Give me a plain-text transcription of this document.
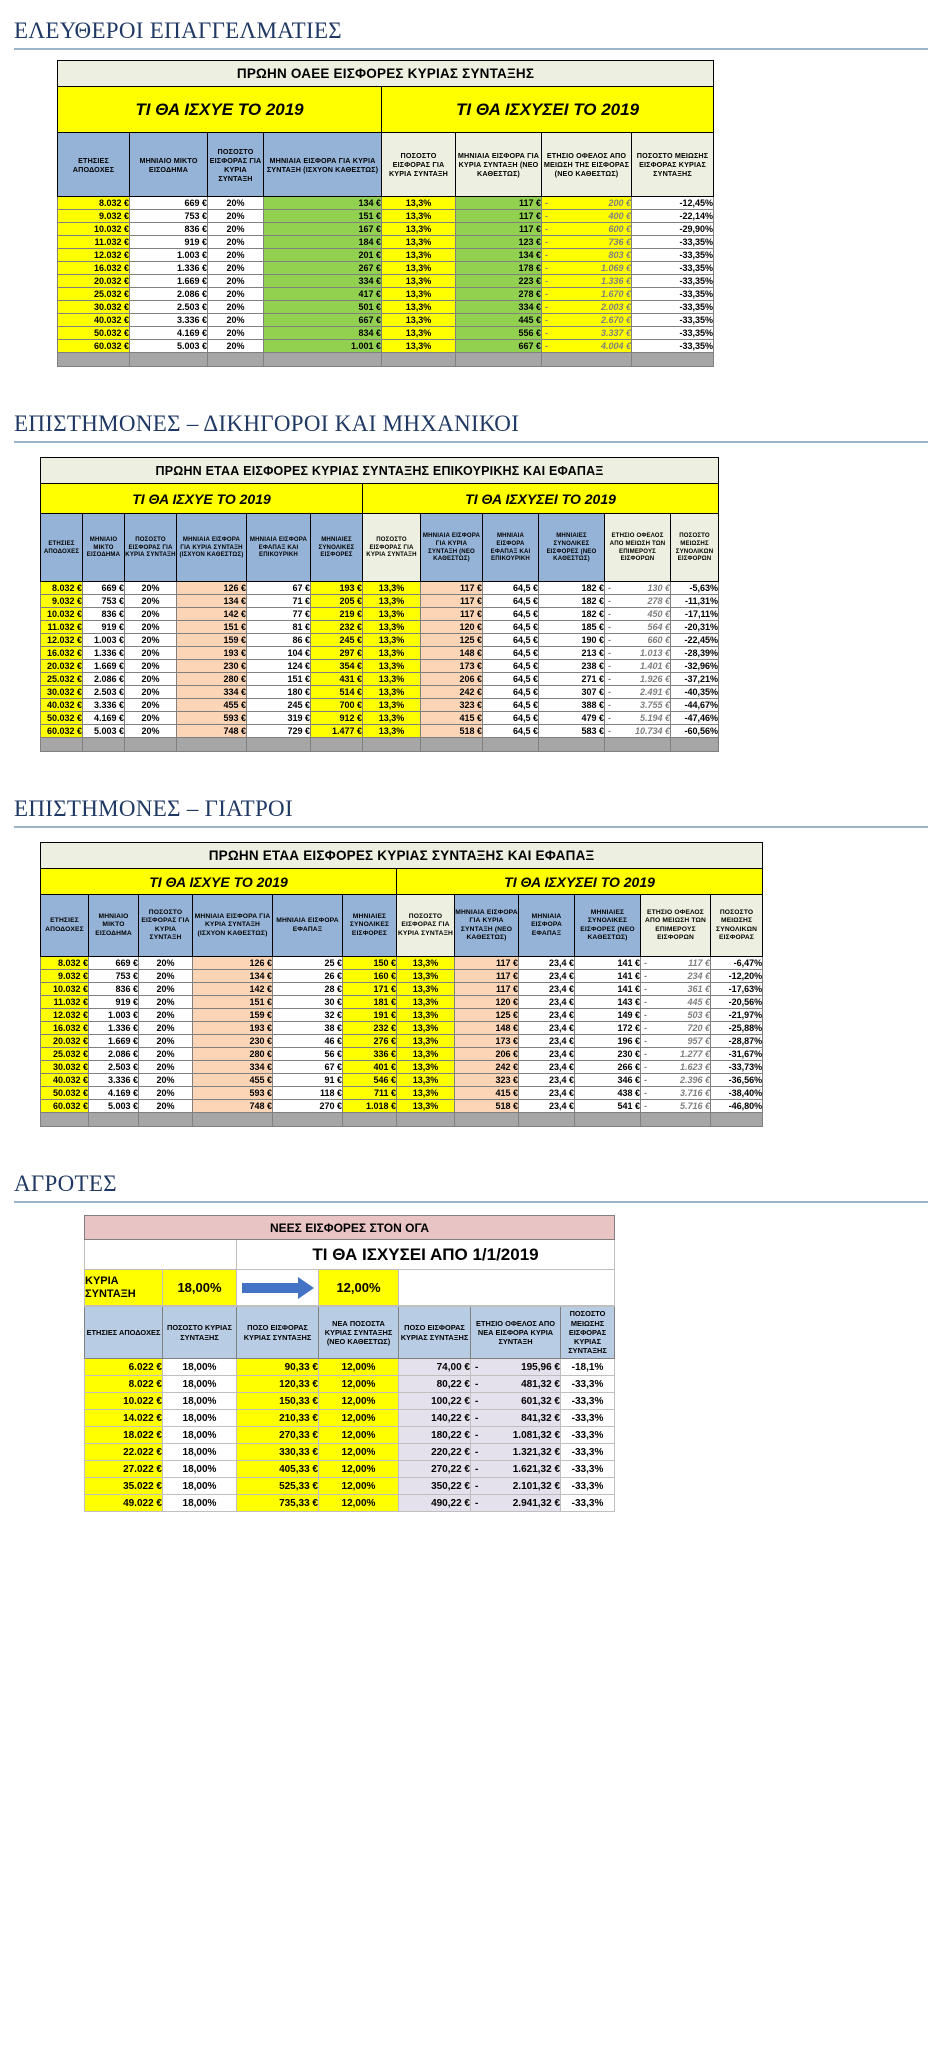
ΕΛΕΥΘΕΡΟΙ ΕΠΑΓΓΕΛΜΑΤΙΕΣ
ΠΡΩΗΝ ΟΑΕΕ ΕΙΣΦΟΡΕΣ ΚΥΡΙΑΣ ΣΥΝΤΑΞΗΣ							
ΤΙ ΘΑ ΙΣΧΥΕ ΤΟ 2019				ΤΙ ΘΑ ΙΣΧΥΣΕΙ ΤΟ 2019			
ΕΤΗΣΙΕΣ ΑΠΟΔΟΧΕΣ	ΜΗΝΙΑΙΟ ΜΙΚΤΟ ΕΙΣΟΔΗΜΑ	ΠΟΣΟΣΤΟ ΕΙΣΦΟΡΑΣ ΓΙΑ ΚΥΡΙΑ ΣΥΝΤΑΞΗ	ΜΗΝΙΑΙΑ ΕΙΣΦΟΡΑ ΓΙΑ ΚΥΡΙΑ ΣΥΝΤΑΞΗ (ΙΣΧΥΟΝ ΚΑΘΕΣΤΩΣ)	ΠΟΣΟΣΤΟ ΕΙΣΦΟΡΑΣ ΓΙΑ ΚΥΡΙΑ ΣΥΝΤΑΞΗ	ΜΗΝΙΑΙΑ ΕΙΣΦΟΡΑ ΓΙΑ ΚΥΡΙΑ ΣΥΝΤΑΞΗ (ΝΕΟ ΚΑΘΕΣΤΩΣ)	ΕΤΗΣΙΟ ΟΦΕΛΟΣ ΑΠΟ ΜΕΙΩΣΗ ΤΗΣ ΕΙΣΦΟΡΑΣ (ΝΕΟ ΚΑΘΕΣΤΩΣ)	ΠΟΣΟΣΤΟ ΜΕΙΩΣΗΣ ΕΙΣΦΟΡΑΣ ΚΥΡΙΑΣ ΣΥΝΤΑΞΗΣ
8.032 €	669 €	20%	134 €	13,3%	117 €	- 200 €	-12,45%
9.032 €	753 €	20%	151 €	13,3%	117 €	- 400 €	-22,14%
10.032 €	836 €	20%	167 €	13,3%	117 €	- 600 €	-29,90%
11.032 €	919 €	20%	184 €	13,3%	123 €	- 736 €	-33,35%
12.032 €	1.003 €	20%	201 €	13,3%	134 €	- 803 €	-33,35%
16.032 €	1.336 €	20%	267 €	13,3%	178 €	- 1.069 €	-33,35%
20.032 €	1.669 €	20%	334 €	13,3%	223 €	- 1.336 €	-33,35%
25.032 €	2.086 €	20%	417 €	13,3%	278 €	- 1.670 €	-33,35%
30.032 €	2.503 €	20%	501 €	13,3%	334 €	- 2.003 €	-33,35%
40.032 €	3.336 €	20%	667 €	13,3%	445 €	- 2.670 €	-33,35%
50.032 €	4.169 €	20%	834 €	13,3%	556 €	- 3.337 €	-33,35%
60.032 €	5.003 €	20%	1.001 €	13,3%	667 €	- 4.004 €	-33,35%

ΕΠΙΣΤΗΜΟΝΕΣ – ΔΙΚΗΓΟΡΟΙ ΚΑΙ ΜΗΧΑΝΙΚΟΙ
ΠΡΩΗΝ ΕΤΑΑ ΕΙΣΦΟΡΕΣ ΚΥΡΙΑΣ ΣΥΝΤΑΞΗΣ ΕΠΙΚΟΥΡΙΚΗΣ ΚΑΙ ΕΦΑΠΑΞ											
ΤΙ ΘΑ ΙΣΧΥΕ ΤΟ 2019						ΤΙ ΘΑ ΙΣΧΥΣΕΙ ΤΟ 2019					
ΕΤΗΣΙΕΣ ΑΠΟΔΟΧΕΣ	ΜΗΝΙΑΙΟ ΜΙΚΤΟ ΕΙΣΟΔΗΜΑ	ΠΟΣΟΣΤΟ ΕΙΣΦΟΡΑΣ ΓΙΑ ΚΥΡΙΑ ΣΥΝΤΑΞΗ	ΜΗΝΙΑΙΑ ΕΙΣΦΟΡΑ ΓΙΑ ΚΥΡΙΑ ΣΥΝΤΑΞΗ (ΙΣΧΥΟΝ ΚΑΘΕΣΤΩΣ)	ΜΗΝΙΑΙΑ ΕΙΣΦΟΡΑ ΕΦΑΠΑΞ ΚΑΙ ΕΠΙΚΟΥΡΙΚΗ	ΜΗΝΙΑΙΕΣ ΣΥΝΟΛΙΚΕΣ ΕΙΣΦΟΡΕΣ	ΠΟΣΟΣΤΟ ΕΙΣΦΟΡΑΣ ΓΙΑ ΚΥΡΙΑ ΣΥΝΤΑΞΗ	ΜΗΝΙΑΙΑ ΕΙΣΦΟΡΑ ΓΙΑ ΚΥΡΙΑ ΣΥΝΤΑΞΗ (ΝΕΟ ΚΑΘΕΣΤΩΣ)	ΜΗΝΙΑΙΑ ΕΙΣΦΟΡΑ ΕΦΑΠΑΞ ΚΑΙ ΕΠΙΚΟΥΡΙΚΗ	ΜΗΝΙΑΙΕΣ ΣΥΝΟΛΙΚΕΣ ΕΙΣΦΟΡΕΣ (ΝΕΟ ΚΑΘΕΣΤΩΣ)	ΕΤΗΣΙΟ ΟΦΕΛΟΣ ΑΠΟ ΜΕΙΩΣΗ ΤΩΝ ΕΠΙΜΕΡΟΥΣ ΕΙΣΦΟΡΩΝ	ΠΟΣΟΣΤΟ ΜΕΙΩΣΗΣ ΣΥΝΟΛΙΚΩΝ ΕΙΣΦΟΡΩΝ
8.032 €	669 €	20%	126 €	67 €	193 €	13,3%	117 €	64,5 €	182 €	- 130 €	-5,63%
9.032 €	753 €	20%	134 €	71 €	205 €	13,3%	117 €	64,5 €	182 €	- 278 €	-11,31%
10.032 €	836 €	20%	142 €	77 €	219 €	13,3%	117 €	64,5 €	182 €	- 450 €	-17,11%
11.032 €	919 €	20%	151 €	81 €	232 €	13,3%	120 €	64,5 €	185 €	- 564 €	-20,31%
12.032 €	1.003 €	20%	159 €	86 €	245 €	13,3%	125 €	64,5 €	190 €	- 660 €	-22,45%
16.032 €	1.336 €	20%	193 €	104 €	297 €	13,3%	148 €	64,5 €	213 €	- 1.013 €	-28,39%
20.032 €	1.669 €	20%	230 €	124 €	354 €	13,3%	173 €	64,5 €	238 €	- 1.401 €	-32,96%
25.032 €	2.086 €	20%	280 €	151 €	431 €	13,3%	206 €	64,5 €	271 €	- 1.926 €	-37,21%
30.032 €	2.503 €	20%	334 €	180 €	514 €	13,3%	242 €	64,5 €	307 €	- 2.491 €	-40,35%
40.032 €	3.336 €	20%	455 €	245 €	700 €	13,3%	323 €	64,5 €	388 €	- 3.755 €	-44,67%
50.032 €	4.169 €	20%	593 €	319 €	912 €	13,3%	415 €	64,5 €	479 €	- 5.194 €	-47,46%
60.032 €	5.003 €	20%	748 €	729 €	1.477 €	13,3%	518 €	64,5 €	583 €	- 10.734 €	-60,56%

ΕΠΙΣΤΗΜΟΝΕΣ – ΓΙΑΤΡΟΙ
ΠΡΩΗΝ ΕΤΑΑ ΕΙΣΦΟΡΕΣ ΚΥΡΙΑΣ ΣΥΝΤΑΞΗΣ ΚΑΙ ΕΦΑΠΑΞ											
ΤΙ ΘΑ ΙΣΧΥΕ ΤΟ 2019						ΤΙ ΘΑ ΙΣΧΥΣΕΙ ΤΟ 2019					
ΕΤΗΣΙΕΣ ΑΠΟΔΟΧΕΣ	ΜΗΝΙΑΙΟ ΜΙΚΤΟ ΕΙΣΟΔΗΜΑ	ΠΟΣΟΣΤΟ ΕΙΣΦΟΡΑΣ ΓΙΑ ΚΥΡΙΑ ΣΥΝΤΑΞΗ	ΜΗΝΙΑΙΑ ΕΙΣΦΟΡΑ ΓΙΑ ΚΥΡΙΑ ΣΥΝΤΑΞΗ (ΙΣΧΥΟΝ ΚΑΘΕΣΤΩΣ)	ΜΗΝΙΑΙΑ ΕΙΣΦΟΡΑ ΕΦΑΠΑΞ	ΜΗΝΙΑΙΕΣ ΣΥΝΟΛΙΚΕΣ ΕΙΣΦΟΡΕΣ	ΠΟΣΟΣΤΟ ΕΙΣΦΟΡΑΣ ΓΙΑ ΚΥΡΙΑ ΣΥΝΤΑΞΗ	ΜΗΝΙΑΙΑ ΕΙΣΦΟΡΑ ΓΙΑ ΚΥΡΙΑ ΣΥΝΤΑΞΗ (ΝΕΟ ΚΑΘΕΣΤΩΣ)	ΜΗΝΙΑΙΑ ΕΙΣΦΟΡΑ ΕΦΑΠΑΞ	ΜΗΝΙΑΙΕΣ ΣΥΝΟΛΙΚΕΣ ΕΙΣΦΟΡΕΣ (ΝΕΟ ΚΑΘΕΣΤΩΣ)	ΕΤΗΣΙΟ ΟΦΕΛΟΣ ΑΠΟ ΜΕΙΩΣΗ ΤΩΝ ΕΠΙΜΕΡΟΥΣ ΕΙΣΦΟΡΩΝ	ΠΟΣΟΣΤΟ ΜΕΙΩΣΗΣ ΣΥΝΟΛΙΚΩΝ ΕΙΣΦΟΡΑΣ
8.032 €	669 €	20%	126 €	25 €	150 €	13,3%	117 €	23,4 €	141 €	- 117 €	-6,47%
9.032 €	753 €	20%	134 €	26 €	160 €	13,3%	117 €	23,4 €	141 €	- 234 €	-12,20%
10.032 €	836 €	20%	142 €	28 €	171 €	13,3%	117 €	23,4 €	141 €	- 361 €	-17,63%
11.032 €	919 €	20%	151 €	30 €	181 €	13,3%	120 €	23,4 €	143 €	- 445 €	-20,56%
12.032 €	1.003 €	20%	159 €	32 €	191 €	13,3%	125 €	23,4 €	149 €	- 503 €	-21,97%
16.032 €	1.336 €	20%	193 €	38 €	232 €	13,3%	148 €	23,4 €	172 €	- 720 €	-25,88%
20.032 €	1.669 €	20%	230 €	46 €	276 €	13,3%	173 €	23,4 €	196 €	- 957 €	-28,87%
25.032 €	2.086 €	20%	280 €	56 €	336 €	13,3%	206 €	23,4 €	230 €	- 1.277 €	-31,67%
30.032 €	2.503 €	20%	334 €	67 €	401 €	13,3%	242 €	23,4 €	266 €	- 1.623 €	-33,73%
40.032 €	3.336 €	20%	455 €	91 €	546 €	13,3%	323 €	23,4 €	346 €	- 2.396 €	-36,56%
50.032 €	4.169 €	20%	593 €	118 €	711 €	13,3%	415 €	23,4 €	438 €	- 3.716 €	-38,40%
60.032 €	5.003 €	20%	748 €	270 €	1.018 €	13,3%	518 €	23,4 €	541 €	- 5.716 €	-46,80%

ΑΓΡΟΤΕΣ
ΝΕΕΣ ΕΙΣΦΟΡΕΣ ΣΤΟΝ ΟΓΑ						
		ΤΙ ΘΑ ΙΣΧΥΣΕΙ ΑΠΟ 1/1/2019				
ΚΥΡΙΑ ΣΥΝΤΑΞΗ	18,00%		12,00%			

ΕΤΗΣΙΕΣ ΑΠΟΔΟΧΕΣ	ΠΟΣΟΣΤΟ ΚΥΡΙΑΣ ΣΥΝΤΑΞΗΣ	ΠΟΣΟ ΕΙΣΦΟΡΑΣ ΚΥΡΙΑΣ ΣΥΝΤΑΞΗΣ	ΝΕΑ ΠΟΣΟΣΤΑ ΚΥΡΙΑΣ ΣΥΝΤΑΞΗΣ (ΝΕΟ ΚΑΘΕΣΤΩΣ)	ΠΟΣΟ ΕΙΣΦΟΡΑΣ ΚΥΡΙΑΣ ΣΥΝΤΑΞΗΣ	ΕΤΗΣΙΟ ΟΦΕΛΟΣ ΑΠΟ ΝΕΑ ΕΙΣΦΟΡΑ ΚΥΡΙΑ ΣΥΝΤΑΞΗ	ΠΟΣΟΣΤΟ ΜΕΙΩΣΗΣ ΕΙΣΦΟΡΑΣ ΚΥΡΙΑΣ ΣΥΝΤΑΞΗΣ
6.022 €	18,00%	90,33 €	12,00%	74,00 €	- 195,96 €	-18,1%
8.022 €	18,00%	120,33 €	12,00%	80,22 €	- 481,32 €	-33,3%
10.022 €	18,00%	150,33 €	12,00%	100,22 €	- 601,32 €	-33,3%
14.022 €	18,00%	210,33 €	12,00%	140,22 €	- 841,32 €	-33,3%
18.022 €	18,00%	270,33 €	12,00%	180,22 €	- 1.081,32 €	-33,3%
22.022 €	18,00%	330,33 €	12,00%	220,22 €	- 1.321,32 €	-33,3%
27.022 €	18,00%	405,33 €	12,00%	270,22 €	- 1.621,32 €	-33,3%
35.022 €	18,00%	525,33 €	12,00%	350,22 €	- 2.101,32 €	-33,3%
49.022 €	18,00%	735,33 €	12,00%	490,22 €	- 2.941,32 €	-33,3%
